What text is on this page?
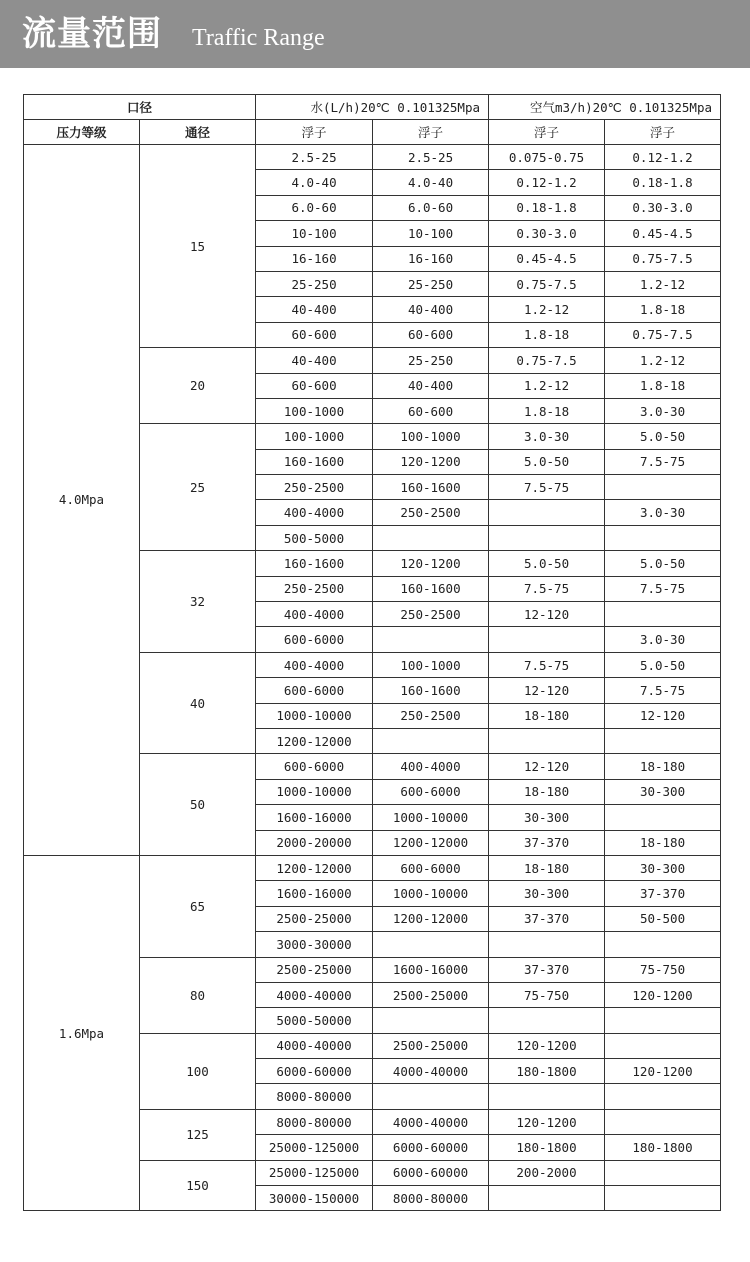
流量范围 Traffic Range
口径		水(L/h)20℃ 0.101325Mpa		空气m3/h)20℃ 0.101325Mpa	
压力等级	通径	浮子	浮子	浮子	浮子
4.0Mpa	15	2.5-25	2.5-25	0.075-0.75	0.12-1.2
		4.0-40	4.0-40	0.12-1.2	0.18-1.8
		6.0-60	6.0-60	0.18-1.8	0.30-3.0
		10-100	10-100	0.30-3.0	0.45-4.5
		16-160	16-160	0.45-4.5	0.75-7.5
		25-250	25-250	0.75-7.5	1.2-12
		40-400	40-400	1.2-12	1.8-18
		60-600	60-600	1.8-18	0.75-7.5
	20	40-400	25-250	0.75-7.5	1.2-12
		60-600	40-400	1.2-12	1.8-18
		100-1000	60-600	1.8-18	3.0-30
	25	100-1000	100-1000	3.0-30	5.0-50
		160-1600	120-1200	5.0-50	7.5-75
		250-2500	160-1600	7.5-75	
		400-4000	250-2500		3.0-30
		500-5000			
	32	160-1600	120-1200	5.0-50	5.0-50
		250-2500	160-1600	7.5-75	7.5-75
		400-4000	250-2500	12-120	
		600-6000			3.0-30
	40	400-4000	100-1000	7.5-75	5.0-50
		600-6000	160-1600	12-120	7.5-75
		1000-10000	250-2500	18-180	12-120
		1200-12000			
	50	600-6000	400-4000	12-120	18-180
		1000-10000	600-6000	18-180	30-300
		1600-16000	1000-10000	30-300	
		2000-20000	1200-12000	37-370	18-180
1.6Mpa	65	1200-12000	600-6000	18-180	30-300
		1600-16000	1000-10000	30-300	37-370
		2500-25000	1200-12000	37-370	50-500
		3000-30000			
	80	2500-25000	1600-16000	37-370	75-750
		4000-40000	2500-25000	75-750	120-1200
		5000-50000			
	100	4000-40000	2500-25000	120-1200	
		6000-60000	4000-40000	180-1800	120-1200
		8000-80000			
	125	8000-80000	4000-40000	120-1200	
		25000-125000	6000-60000	180-1800	180-1800
	150	25000-125000	6000-60000	200-2000	
		30000-150000	8000-80000		
